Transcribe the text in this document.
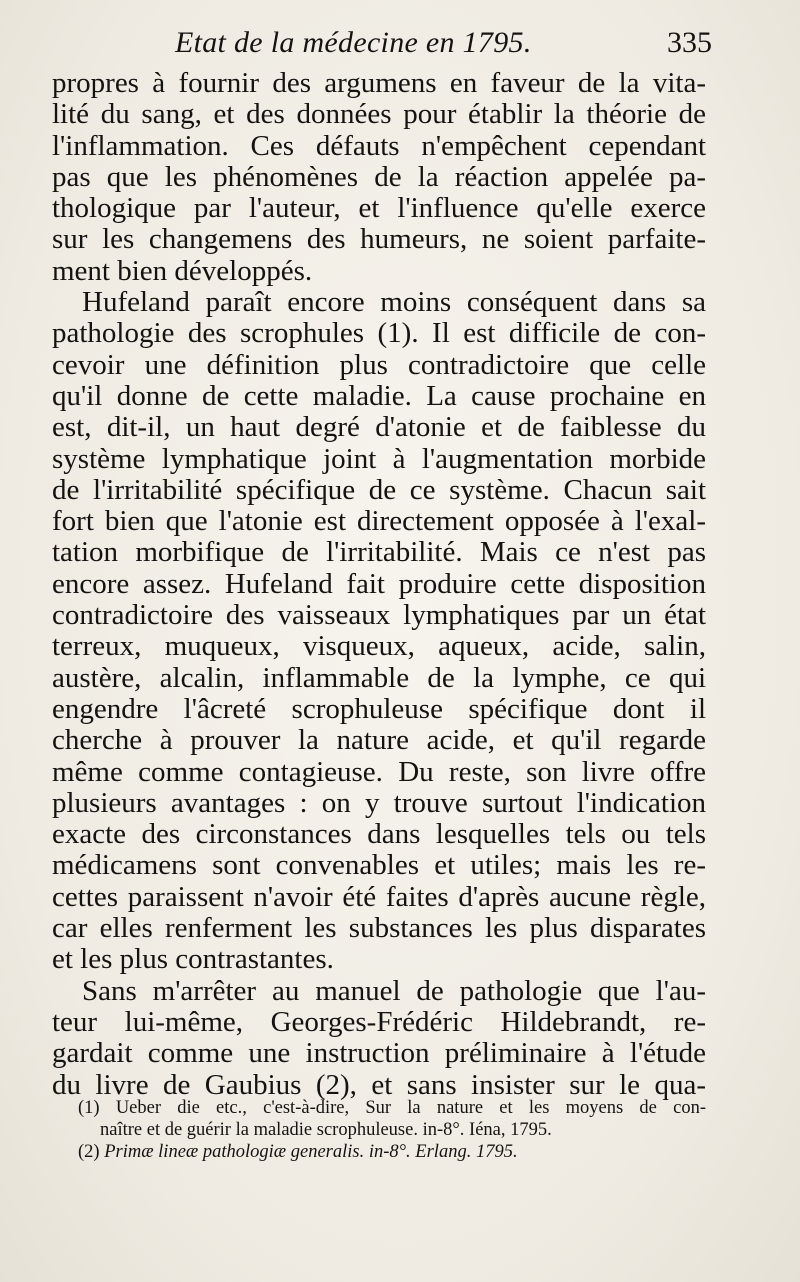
Etat de la médecine en 1795.	335
propres à fournir des argumens en faveur de la vita-
lité du sang, et des données pour établir la théorie de
l'inflammation. Ces défauts n'empêchent cependant
pas que les phénomènes de la réaction appelée pa-
thologique par l'auteur, et l'influence qu'elle exerce
sur les changemens des humeurs, ne soient parfaite-
ment bien développés.
Hufeland paraît encore moins conséquent dans sa
pathologie des scrophules (1). Il est difficile de con-
cevoir une définition plus contradictoire que celle
qu'il donne de cette maladie. La cause prochaine en
est, dit-il, un haut degré d'atonie et de faiblesse du
système lymphatique joint à l'augmentation morbide
de l'irritabilité spécifique de ce système. Chacun sait
fort bien que l'atonie est directement opposée à l'exal-
tation morbifique de l'irritabilité. Mais ce n'est pas
encore assez. Hufeland fait produire cette disposition
contradictoire des vaisseaux lymphatiques par un état
terreux, muqueux, visqueux, aqueux, acide, salin,
austère, alcalin, inflammable de la lymphe, ce qui
engendre l'âcreté scrophuleuse spécifique dont il
cherche à prouver la nature acide, et qu'il regarde
même comme contagieuse. Du reste, son livre offre
plusieurs avantages : on y trouve surtout l'indication
exacte des circonstances dans lesquelles tels ou tels
médicamens sont convenables et utiles; mais les re-
cettes paraissent n'avoir été faites d'après aucune règle,
car elles renferment les substances les plus disparates
et les plus contrastantes.
Sans m'arrêter au manuel de pathologie que l'au-
teur lui-même, Georges-Frédéric Hildebrandt, re-
gardait comme une instruction préliminaire à l'étude
du livre de Gaubius (2), et sans insister sur le qua-
(1) Ueber die etc., c'est-à-dire, Sur la nature et les moyens de con-
naître et de guérir la maladie scrophuleuse. in-8°. Iéna, 1795.
(2) Primæ lineæ pathologiæ generalis. in-8°. Erlang. 1795.
